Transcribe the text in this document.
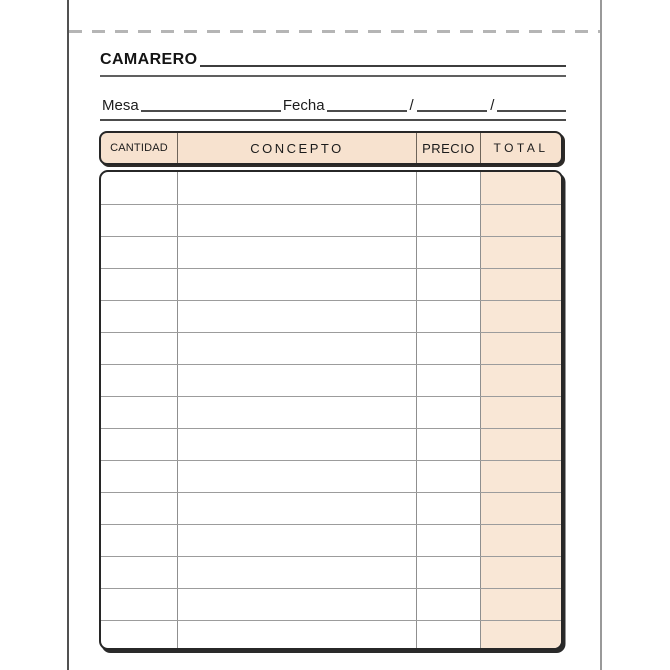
CAMARERO
Mesa	Fecha	/	/
CANTIDAD	CONCEPTO	PRECIO	TOTAL
